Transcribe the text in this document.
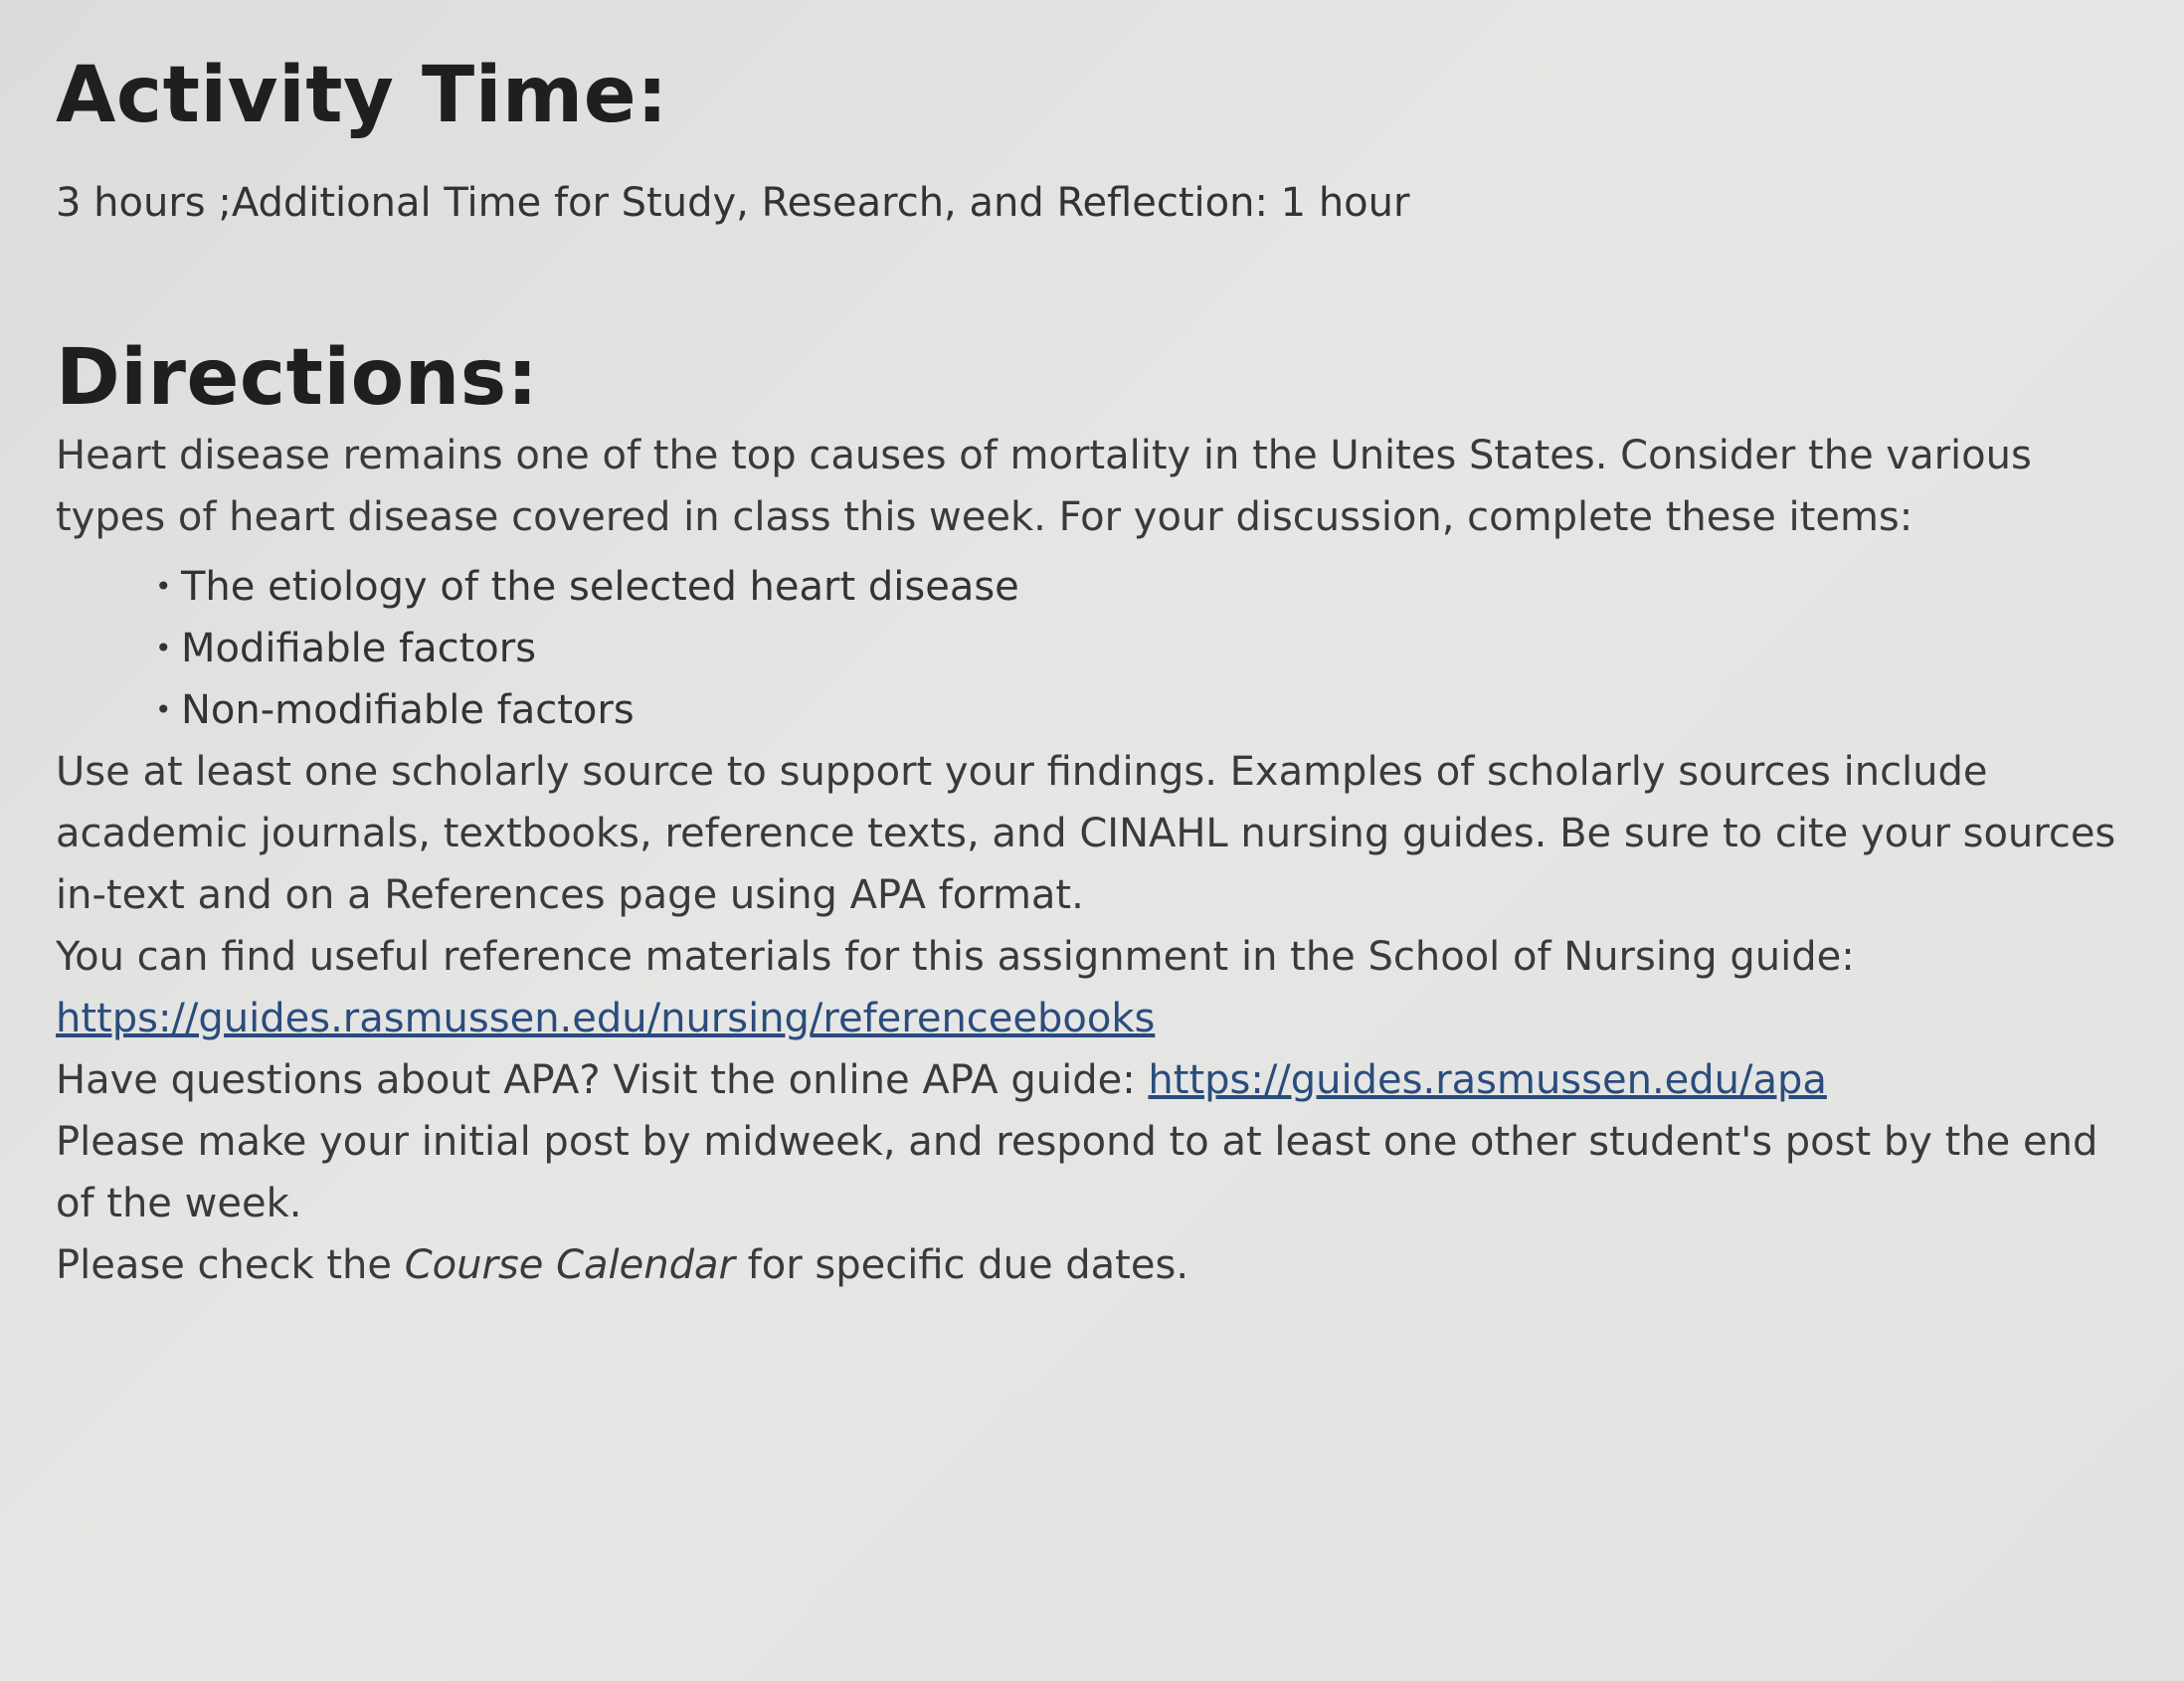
Activity Time:

3 hours ;Additional Time for Study, Research, and Reflection: 1 hour

Directions:

Heart disease remains one of the top causes of mortality in the Unites States. Consider the various types of heart disease covered in class this week. For your discussion, complete these items:

• The etiology of the selected heart disease
• Modifiable factors
• Non-modifiable factors

Use at least one scholarly source to support your findings. Examples of scholarly sources include academic journals, textbooks, reference texts, and CINAHL nursing guides. Be sure to cite your sources in-text and on a References page using APA format.

You can find useful reference materials for this assignment in the School of Nursing guide: https://guides.rasmussen.edu/nursing/referenceebooks

Have questions about APA? Visit the online APA guide: https://guides.rasmussen.edu/apa

Please make your initial post by midweek, and respond to at least one other student's post by the end of the week.
Please check the Course Calendar for specific due dates.
